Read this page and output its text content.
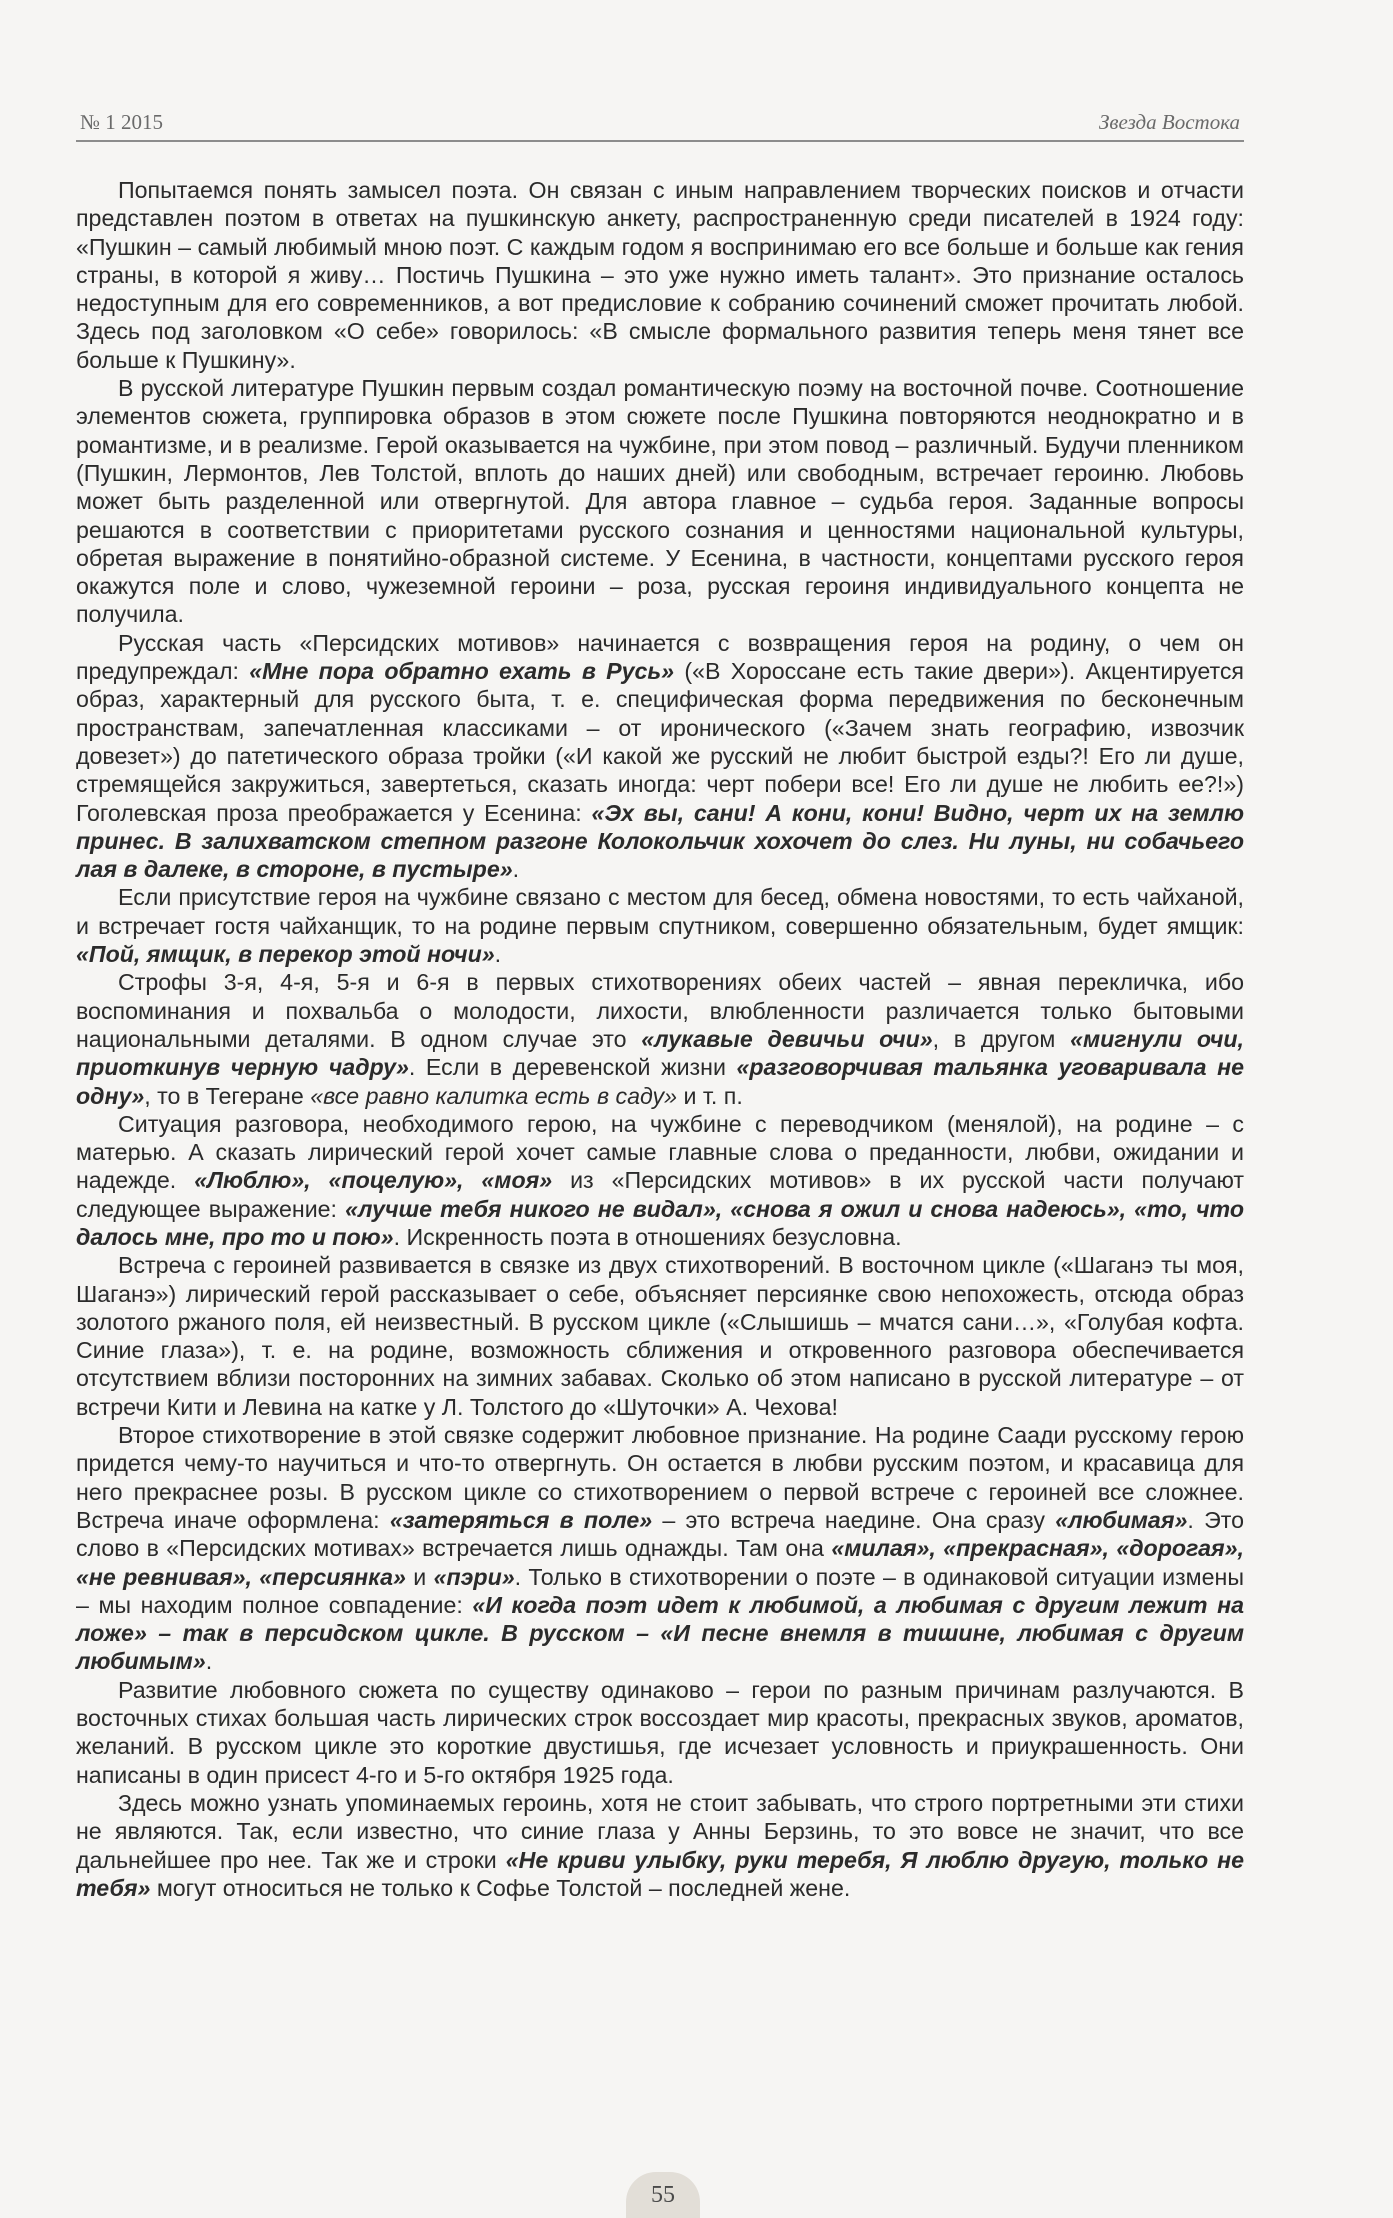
№ 1 2015	Звезда Востока

Попытаемся понять замысел поэта. Он связан с иным направлением творческих поисков и отчасти представлен поэтом в ответах на пушкинскую анкету, распространенную среди писателей в 1924 году: «Пушкин – самый любимый мною поэт. С каждым годом я воспринимаю его все больше и больше как гения страны, в которой я живу… Постичь Пушкина – это уже нужно иметь талант». Это признание осталось недоступным для его современников, а вот предисловие к собранию сочинений сможет прочитать любой. Здесь под заголовком «О себе» говорилось: «В смысле формального развития теперь меня тянет все больше к Пушкину».

В русской литературе Пушкин первым создал романтическую поэму на восточной почве. Соотношение элементов сюжета, группировка образов в этом сюжете после Пушкина повторяются неоднократно и в романтизме, и в реализме. Герой оказывается на чужбине, при этом повод – различный. Будучи пленником (Пушкин, Лермонтов, Лев Толстой, вплоть до наших дней) или свободным, встречает героиню. Любовь может быть разделенной или отвергнутой. Для автора главное – судьба героя. Заданные вопросы решаются в соответствии с приоритетами русского сознания и ценностями национальной культуры, обретая выражение в понятийно-образной системе. У Есенина, в частности, концептами русского героя окажутся поле и слово, чужеземной героини – роза, русская героиня индивидуального концепта не получила.

Русская часть «Персидских мотивов» начинается с возвращения героя на родину, о чем он предупреждал: «Мне пора обратно ехать в Русь» («В Хороссане есть такие двери»). Акцентируется образ, характерный для русского быта, т. е. специфическая форма передвижения по бесконечным пространствам, запечатленная классиками – от иронического («Зачем знать географию, извозчик довезет») до патетического образа тройки («И какой же русский не любит быстрой езды?! Его ли душе, стремящейся закружиться, завертеться, сказать иногда: черт побери все! Его ли душе не любить ее?!») Гоголевская проза преображается у Есенина: «Эх вы, сани! А кони, кони! Видно, черт их на землю принес. В залихватском степном разгоне Колокольчик хохочет до слез. Ни луны, ни собачьего лая в далеке, в стороне, в пустыре».

Если присутствие героя на чужбине связано с местом для бесед, обмена новостями, то есть чайханой, и встречает гостя чайханщик, то на родине первым спутником, совершенно обязательным, будет ямщик: «Пой, ямщик, в перекор этой ночи».

Строфы 3-я, 4-я, 5-я и 6-я в первых стихотворениях обеих частей – явная перекличка, ибо воспоминания и похвальба о молодости, лихости, влюбленности различается только бытовыми национальными деталями. В одном случае это «лукавые девичьи очи», в другом «мигнули очи, приоткинув черную чадру». Если в деревенской жизни «разговорчивая тальянка уговаривала не одну», то в Тегеране «все равно калитка есть в саду» и т. п.

Ситуация разговора, необходимого герою, на чужбине с переводчиком (менялой), на родине – с матерью. А сказать лирический герой хочет самые главные слова о преданности, любви, ожидании и надежде. «Люблю», «поцелую», «моя» из «Персидских мотивов» в их русской части получают следующее выражение: «лучше тебя никого не видал», «снова я ожил и снова надеюсь», «то, что далось мне, про то и пою». Искренность поэта в отношениях безусловна.

Встреча с героиней развивается в связке из двух стихотворений. В восточном цикле («Шаганэ ты моя, Шаганэ») лирический герой рассказывает о себе, объясняет персиянке свою непохожесть, отсюда образ золотого ржаного поля, ей неизвестный. В русском цикле («Слышишь – мчатся сани…», «Голубая кофта. Синие глаза»), т. е. на родине, возможность сближения и откровенного разговора обеспечивается отсутствием вблизи посторонних на зимних забавах. Сколько об этом написано в русской литературе – от встречи Кити и Левина на катке у Л. Толстого до «Шуточки» А. Чехова!

Второе стихотворение в этой связке содержит любовное признание. На родине Саади русскому герою придется чему-то научиться и что-то отвергнуть. Он остается в любви русским поэтом, и красавица для него прекраснее розы. В русском цикле со стихотворением о первой встрече с героиней все сложнее. Встреча иначе оформлена: «затеряться в поле» – это встреча наедине. Она сразу «любимая». Это слово в «Персидских мотивах» встречается лишь однажды. Там она «милая», «прекрасная», «дорогая», «не ревнивая», «персиянка» и «пэри». Только в стихотворении о поэте – в одинаковой ситуации измены – мы находим полное совпадение: «И когда поэт идет к любимой, а любимая с другим лежит на ложе» – так в персидском цикле. В русском – «И песне внемля в тишине, любимая с другим любимым».

Развитие любовного сюжета по существу одинаково – герои по разным причинам разлучаются. В восточных стихах большая часть лирических строк воссоздает мир красоты, прекрасных звуков, ароматов, желаний. В русском цикле это короткие двустишья, где исчезает условность и приукрашенность. Они написаны в один присест 4-го и 5-го октября 1925 года.

Здесь можно узнать упоминаемых героинь, хотя не стоит забывать, что строго портретными эти стихи не являются. Так, если известно, что синие глаза у Анны Берзинь, то это вовсе не значит, что все дальнейшее про нее. Так же и строки «Не криви улыбку, руки теребя, Я люблю другую, только не тебя» могут относиться не только к Софье Толстой – последней жене.

55
